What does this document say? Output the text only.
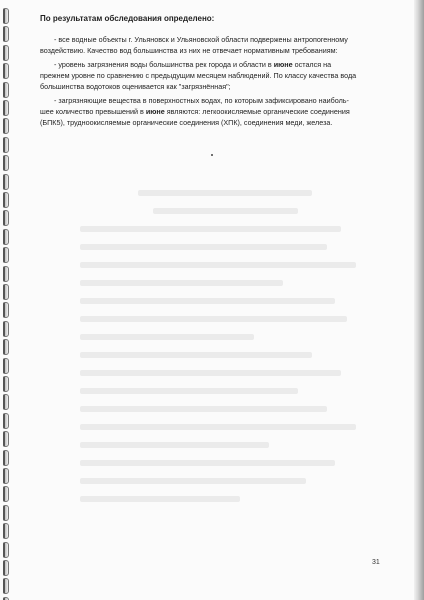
По результатам обследования определено:
- все водные объекты г. Ульяновск и Ульяновской области подвержены антропогенному
воздействию. Качество вод большинства из них не отвечает нормативным требованиям:
- уровень загрязнения воды большинства рек города и области в июне остался на
прежнем уровне по сравнению с предыдущим месяцем наблюдений. По классу качества вода
большинства водотоков оценивается как "загрязнённая";
- загрязняющие вещества в поверхностных водах, по которым зафиксировано наиболь-
шее количество превышений в июне являются: легкоокисляемые органические соединения
(БПК5), трудноокисляемые органические соединения (ХПК), соединения меди, железа.
31
